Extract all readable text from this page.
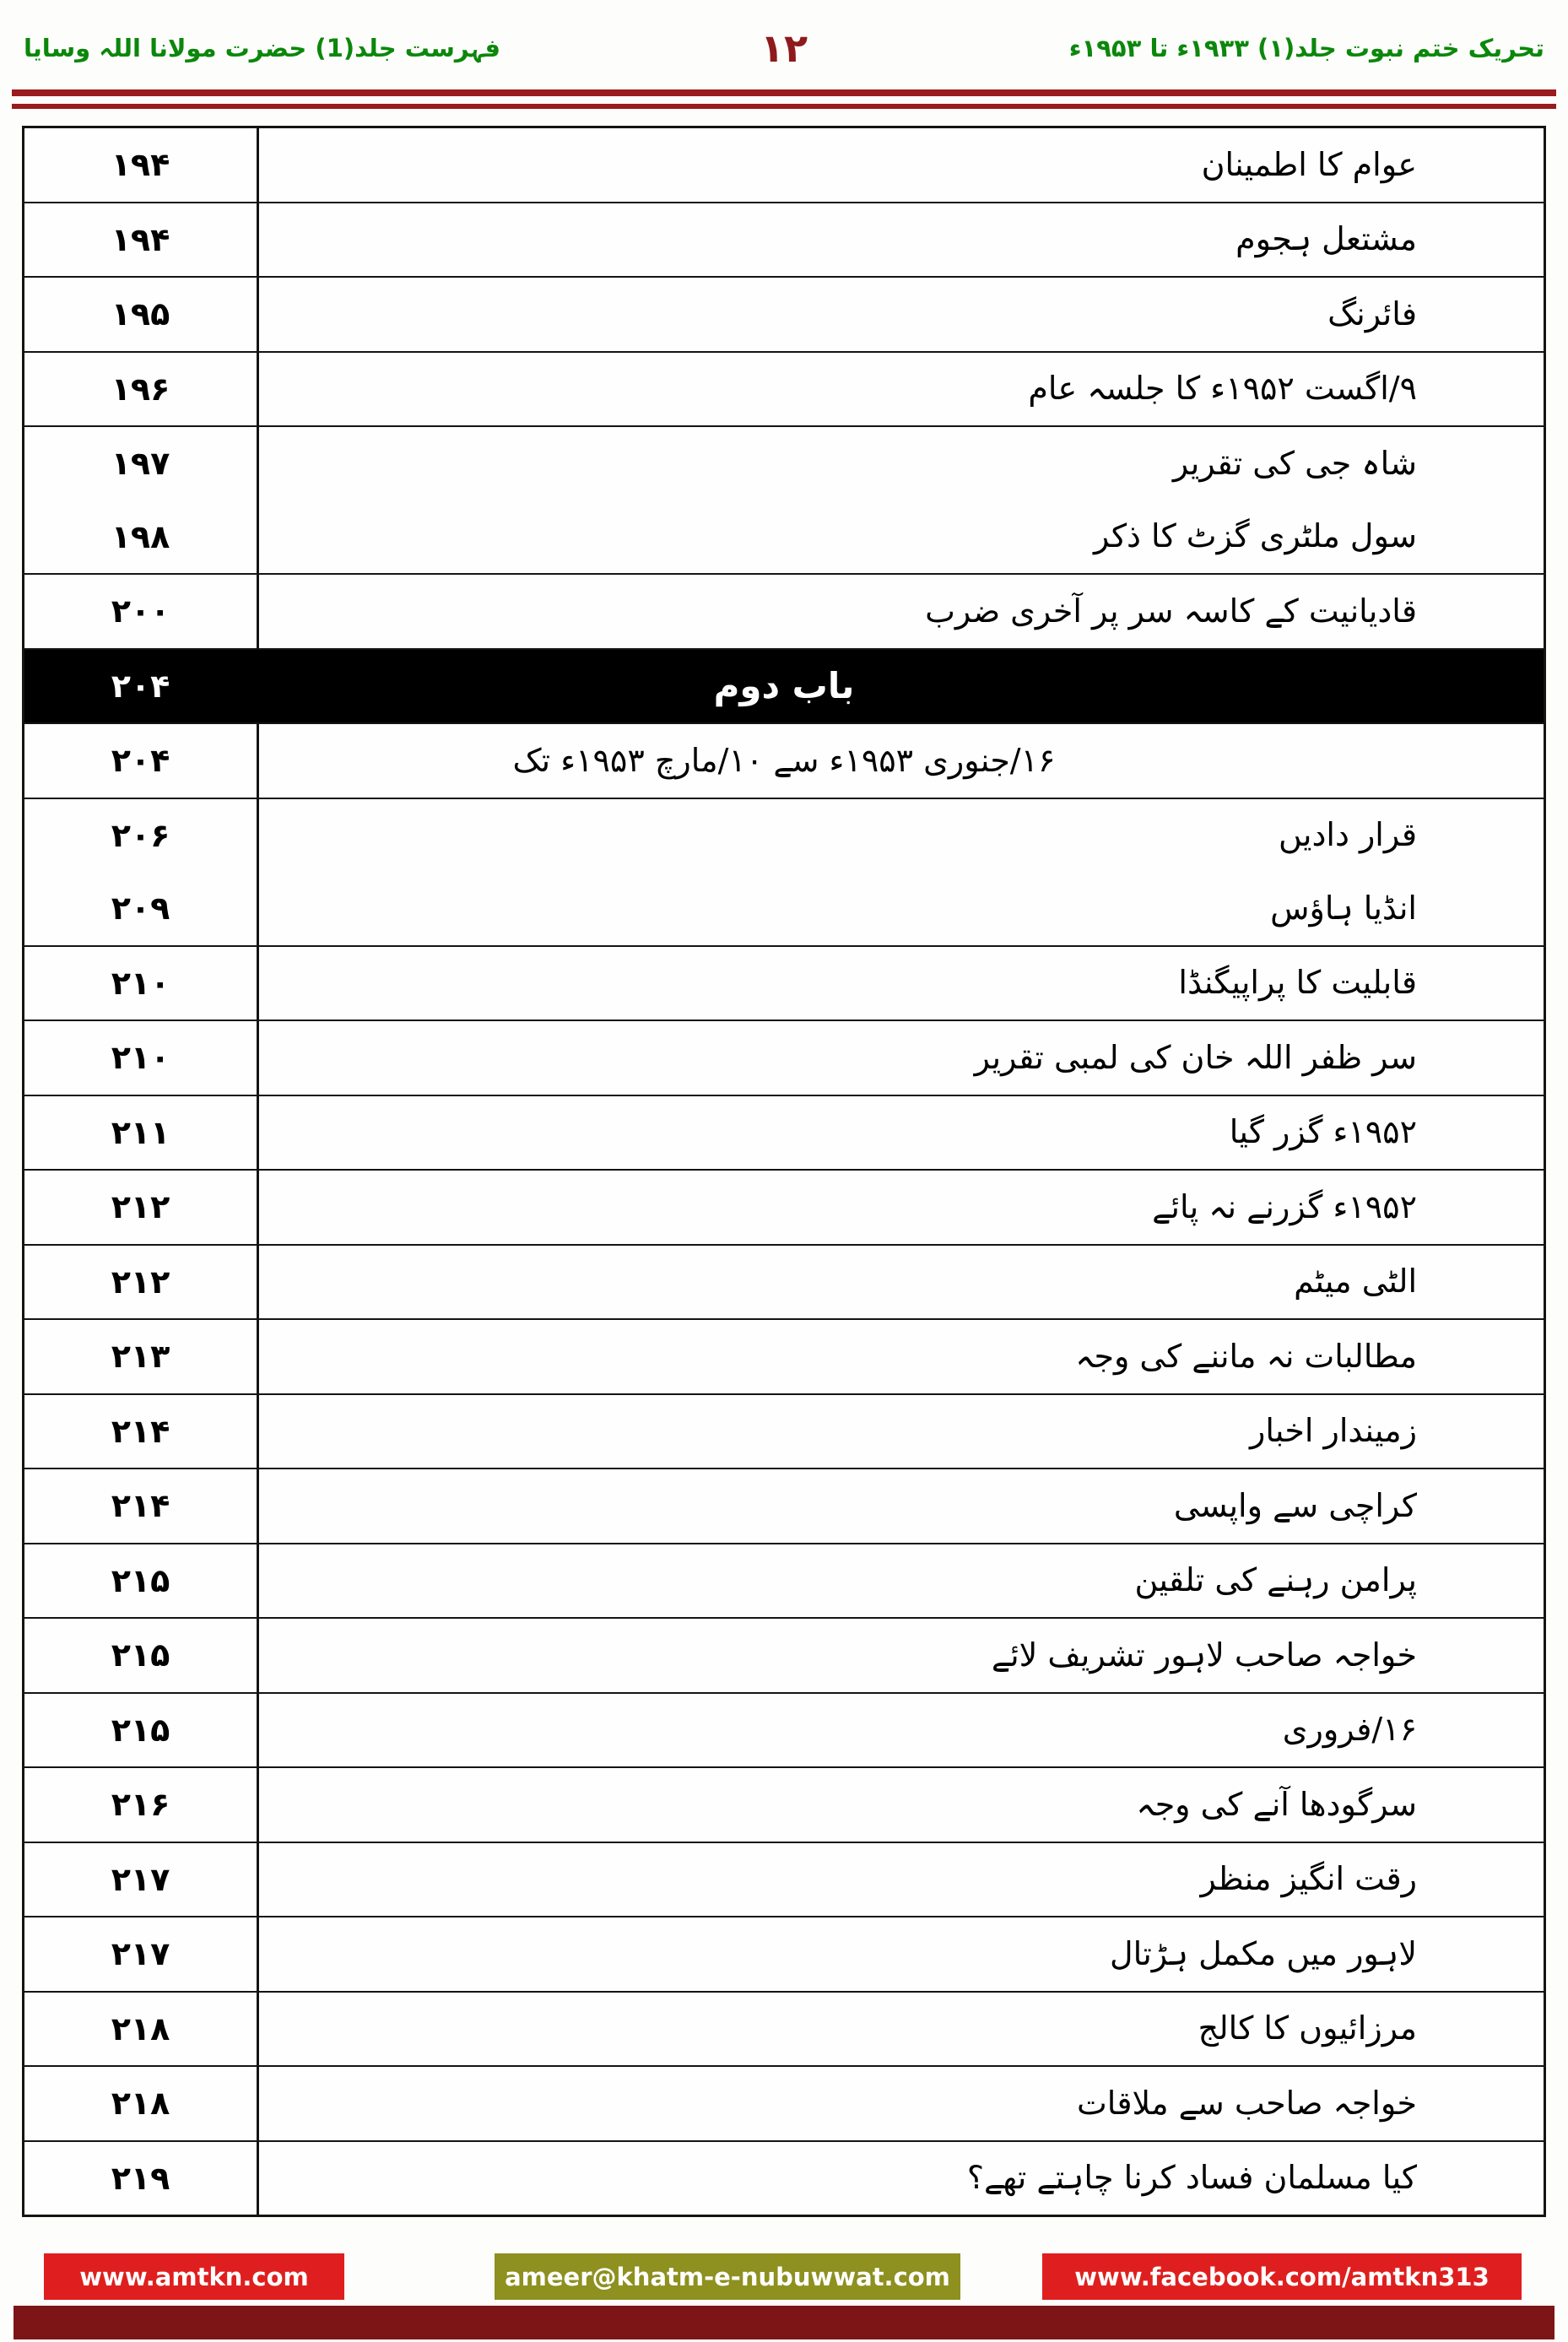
فہرست جلد(1) حضرت مولانا اللہ وسایا	۱۲	تحریک ختم نبوت جلد(۱) ۱۹۳۳ء تا ۱۹۵۳ء
۱۹۴	عوام کا اطمینان
۱۹۴	مشتعل ہجوم
۱۹۵	فائرنگ
۱۹۶	۹/اگست ۱۹۵۲ء کا جلسہ عام
۱۹۷	شاہ جی کی تقریر
۱۹۸	سول ملٹری گزٹ کا ذکر
۲۰۰	قادیانیت کے کاسہ سر پر آخری ضرب
۲۰۴	باب دوم
۲۰۴	۱۶/جنوری ۱۹۵۳ء سے ۱۰/مارچ ۱۹۵۳ء تک
۲۰۶	قرار دادیں
۲۰۹	انڈیا ہاؤس
۲۱۰	قابلیت کا پراپیگنڈا
۲۱۰	سر ظفر اللہ خان کی لمبی تقریر
۲۱۱	۱۹۵۲ء گزر گیا
۲۱۲	۱۹۵۲ء گزرنے نہ پائے
۲۱۲	الٹی میٹم
۲۱۳	مطالبات نہ ماننے کی وجہ
۲۱۴	زمیندار اخبار
۲۱۴	کراچی سے واپسی
۲۱۵	پرامن رہنے کی تلقین
۲۱۵	خواجہ صاحب لاہور تشریف لائے
۲۱۵	۱۶/فروری
۲۱۶	سرگودھا آنے کی وجہ
۲۱۷	رقت انگیز منظر
۲۱۷	لاہور میں مکمل ہڑتال
۲۱۸	مرزائیوں کا کالج
۲۱۸	خواجہ صاحب سے ملاقات
۲۱۹	کیا مسلمان فساد کرنا چاہتے تھے؟
www.amtkn.com	ameer@khatm-e-nubuwwat.com	www.facebook.com/amtkn313
